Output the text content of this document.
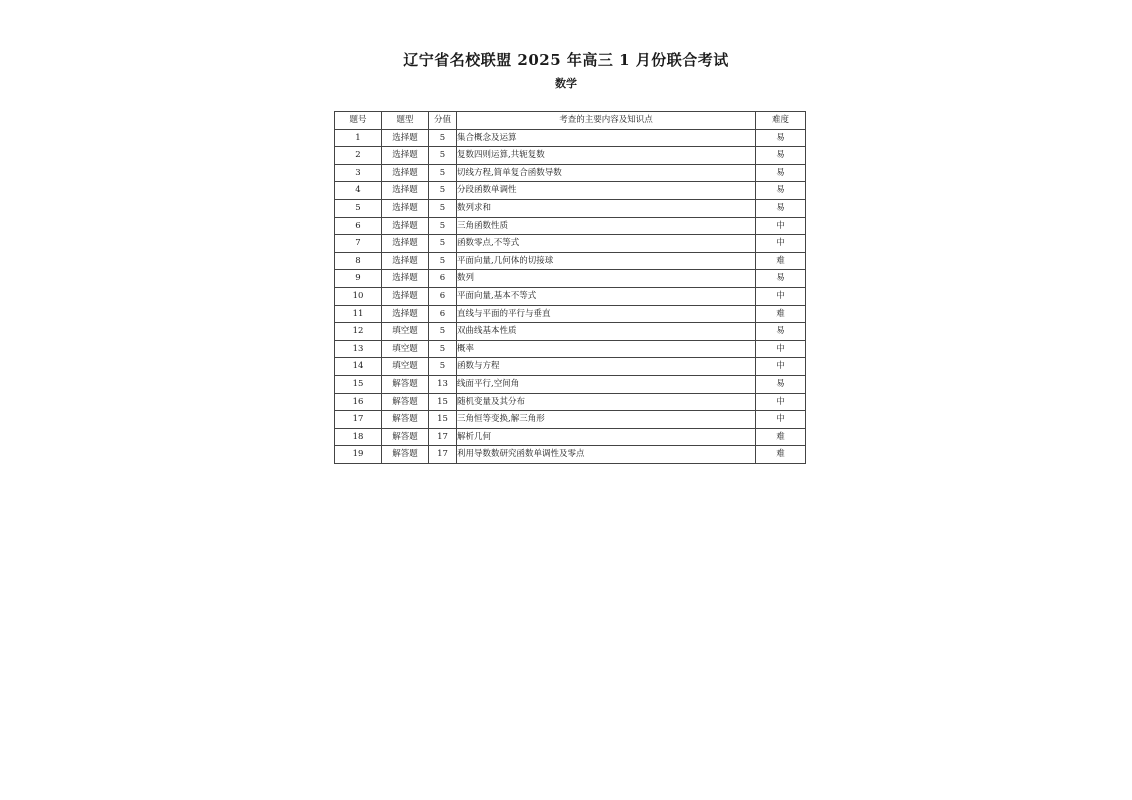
辽宁省名校联盟 2025 年高三 1 月份联合考试
数学
题号	题型	分值	考查的主要内容及知识点	难度
1	选择题	5	集合概念及运算	易
2	选择题	5	复数四则运算,共轭复数	易
3	选择题	5	切线方程,简单复合函数导数	易
4	选择题	5	分段函数单调性	易
5	选择题	5	数列求和	易
6	选择题	5	三角函数性质	中
7	选择题	5	函数零点,不等式	中
8	选择题	5	平面向量,几何体的切接球	难
9	选择题	6	数列	易
10	选择题	6	平面向量,基本不等式	中
11	选择题	6	直线与平面的平行与垂直	难
12	填空题	5	双曲线基本性质	易
13	填空题	5	概率	中
14	填空题	5	函数与方程	中
15	解答题	13	线面平行,空间角	易
16	解答题	15	随机变量及其分布	中
17	解答题	15	三角恒等变换,解三角形	中
18	解答题	17	解析几何	难
19	解答题	17	利用导数数研究函数单调性及零点	难
